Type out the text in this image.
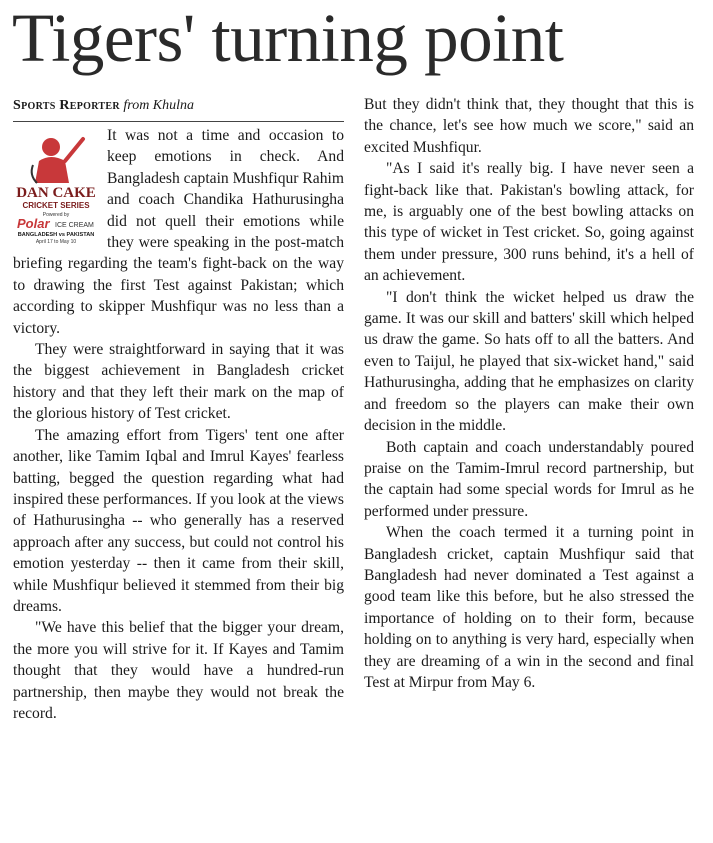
Tigers' turning point
Sports Reporter from Khulna
DAN CAKE
CRICKET SERIES
Powered by
Polar ICE CREAM
BANGLADESH vs PAKISTAN
April 17 to May 10

It was not a time and occasion to keep emotions in check. And Bangladesh captain Mushfiqur Rahim and coach Chandika Hathurusingha did not quell their emotions while they were speaking in the post-match briefing regarding the team's fight-back on the way to drawing the first Test against Pakistan; which according to skipper Mushfiqur was no less than a victory.

They were straightforward in saying that it was the biggest achievement in Bangladesh cricket history and that they left their mark on the map of the glorious history of Test cricket.

The amazing effort from Tigers' tent one after another, like Tamim Iqbal and Imrul Kayes' fearless batting, begged the question regarding what had inspired these performances. If you look at the views of Hathurusingha -- who generally has a reserved approach after any success, but could not control his emotion yesterday -- then it came from their skill, while Mushfiqur believed it stemmed from their big dreams.

"We have this belief that the bigger your dream, the more you will strive for it. If Kayes and Tamim thought that they would have a hundred-run partnership, then maybe they would not break the record.

But they didn't think that, they thought that this is the chance, let's see how much we score," said an excited Mushfiqur.

"As I said it's really big. I have never seen a fight-back like that. Pakistan's bowling attack, for me, is arguably one of the best bowling attacks on this type of wicket in Test cricket. So, going against them under pressure, 300 runs behind, it's a hell of an achievement.

"I don't think the wicket helped us draw the game. It was our skill and batters' skill which helped us draw the game. So hats off to all the batters. And even to Taijul, he played that six-wicket hand," said Hathurusingha, adding that he emphasizes on clarity and freedom so the players can make their own decision in the middle.

Both captain and coach understandably poured praise on the Tamim-Imrul record partnership, but the captain had some special words for Imrul as he performed under pressure.

When the coach termed it a turning point in Bangladesh cricket, captain Mushfiqur said that Bangladesh had never dominated a Test against a good team like this before, but he also stressed the importance of holding on to their form, because holding on to anything is very hard, especially when they are dreaming of a win in the second and final Test at Mirpur from May 6.
